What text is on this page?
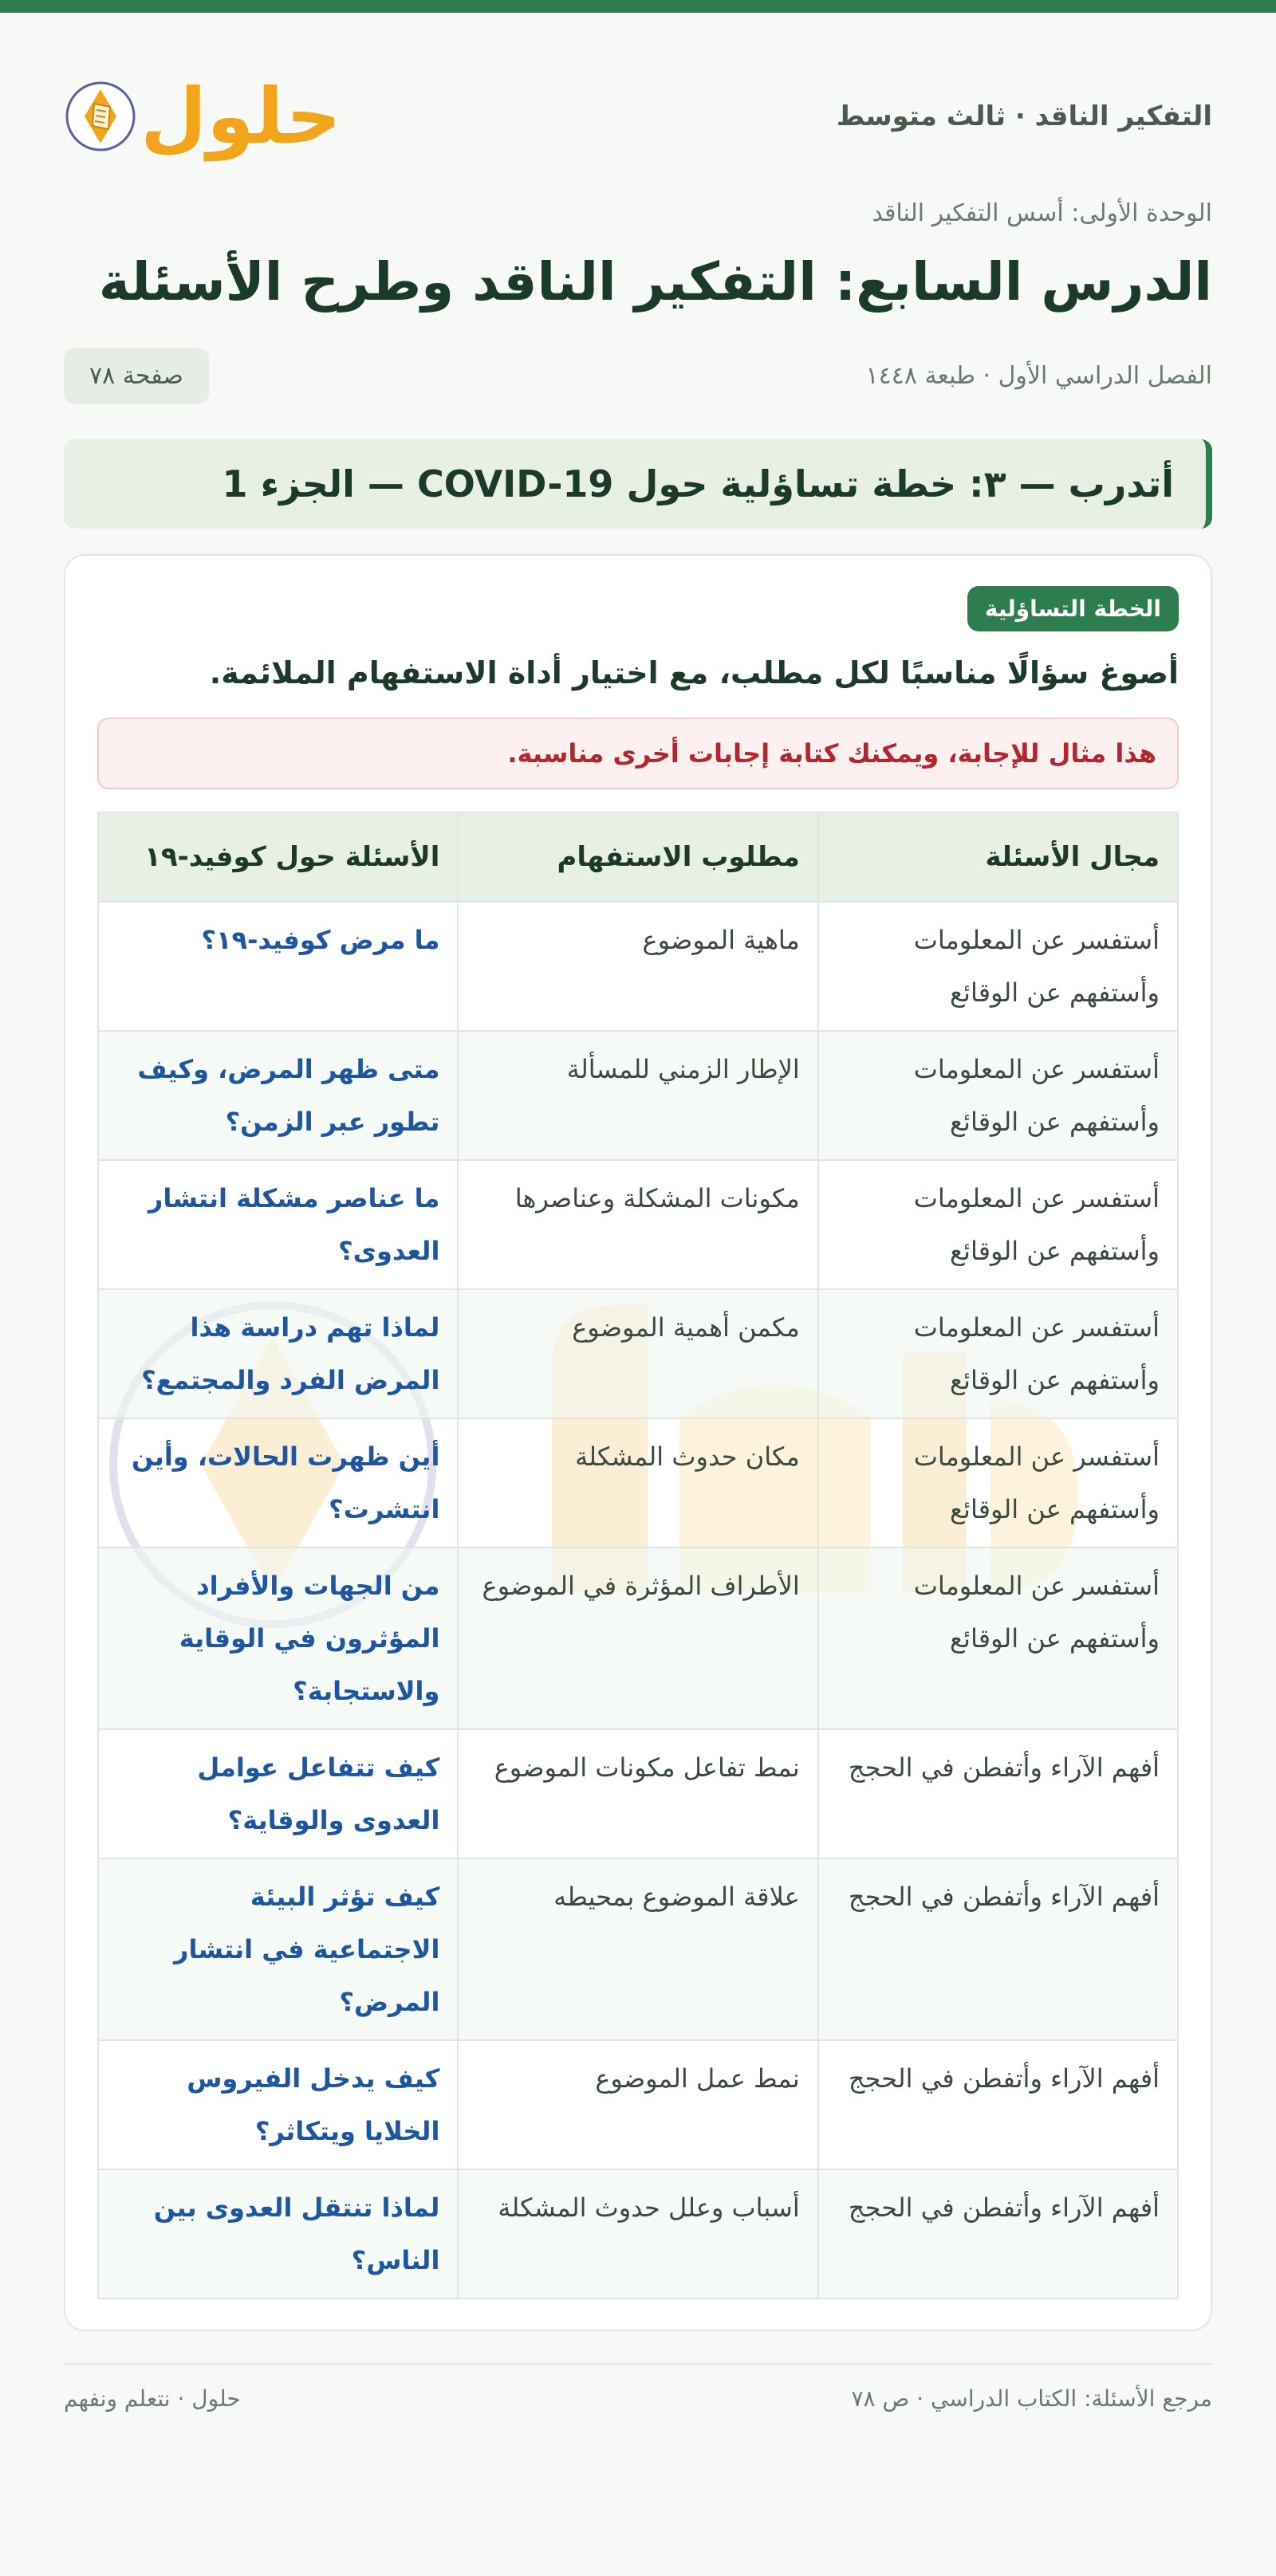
التفكير الناقد · ثالث متوسط
حلول
الوحدة الأولى: أسس التفكير الناقد
الدرس السابع: التفكير الناقد وطرح الأسئلة
الفصل الدراسي الأول · طبعة ١٤٤٨
صفحة ٧٨
أتدرب — ٣: خطة تساؤلية حول COVID-19 — الجزء 1
الخطة التساؤلية
أصوغ سؤالًا مناسبًا لكل مطلب، مع اختيار أداة الاستفهام الملائمة.
هذا مثال للإجابة، ويمكنك كتابة إجابات أخرى مناسبة.
مجال الأسئلة	مطلوب الاستفهام	الأسئلة حول كوفيد-١٩
أستفسر عن المعلومات وأستفهم عن الوقائع	ماهية الموضوع	ما مرض كوفيد-١٩؟
أستفسر عن المعلومات وأستفهم عن الوقائع	الإطار الزمني للمسألة	متى ظهر المرض، وكيف تطور عبر الزمن؟
أستفسر عن المعلومات وأستفهم عن الوقائع	مكونات المشكلة وعناصرها	ما عناصر مشكلة انتشار العدوى؟
أستفسر عن المعلومات وأستفهم عن الوقائع	مكمن أهمية الموضوع	لماذا تهم دراسة هذا المرض الفرد والمجتمع؟
أستفسر عن المعلومات وأستفهم عن الوقائع	مكان حدوث المشكلة	أين ظهرت الحالات، وأين انتشرت؟
أستفسر عن المعلومات وأستفهم عن الوقائع	الأطراف المؤثرة في الموضوع	من الجهات والأفراد المؤثرون في الوقاية والاستجابة؟
أفهم الآراء وأتفطن في الحجج	نمط تفاعل مكونات الموضوع	كيف تتفاعل عوامل العدوى والوقاية؟
أفهم الآراء وأتفطن في الحجج	علاقة الموضوع بمحيطه	كيف تؤثر البيئة الاجتماعية في انتشار المرض؟
أفهم الآراء وأتفطن في الحجج	نمط عمل الموضوع	كيف يدخل الفيروس الخلايا ويتكاثر؟
أفهم الآراء وأتفطن في الحجج	أسباب وعلل حدوث المشكلة	لماذا تنتقل العدوى بين الناس؟
مرجع الأسئلة: الكتاب الدراسي · ص ٧٨
حلول · نتعلم ونفهم
